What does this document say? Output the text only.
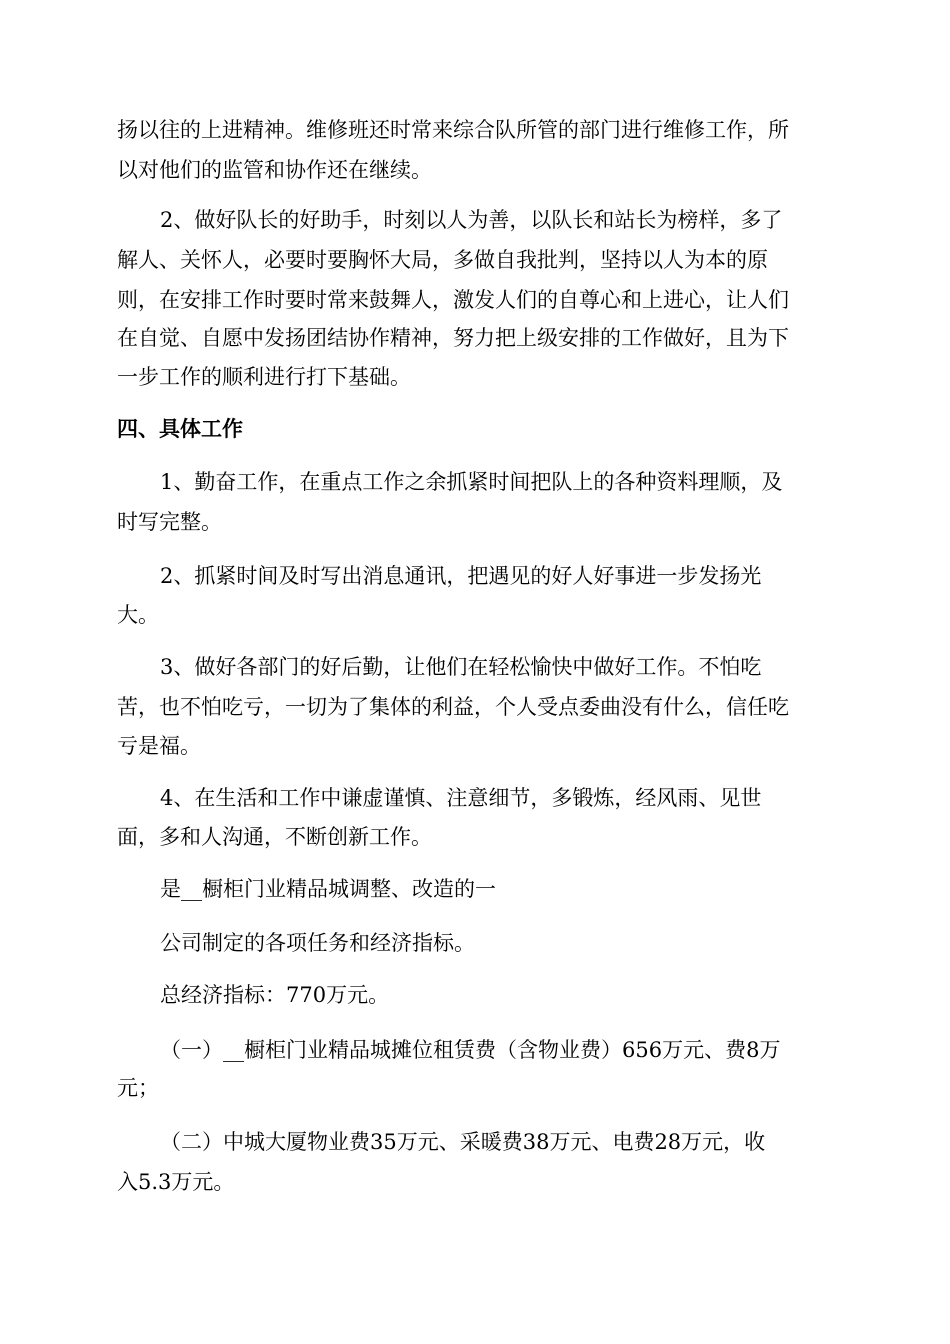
扬以往的上进精神。维修班还时常来综合队所管的部门进行维修工作，所
以对他们的监管和协作还在继续。
2、做好队长的好助手，时刻以人为善，以队长和站长为榜样，多了
解人、关怀人，必要时要胸怀大局，多做自我批判，坚持以人为本的原
则，在安排工作时要时常来鼓舞人，激发人们的自尊心和上进心，让人们
在自觉、自愿中发扬团结协作精神，努力把上级安排的工作做好，且为下
一步工作的顺利进行打下基础。
四、具体工作
1、勤奋工作，在重点工作之余抓紧时间把队上的各种资料理顺，及
时写完整。
2、抓紧时间及时写出消息通讯，把遇见的好人好事进一步发扬光
大。
3、做好各部门的好后勤，让他们在轻松愉快中做好工作。不怕吃
苦，也不怕吃亏，一切为了集体的利益，个人受点委曲没有什么，信任吃
亏是福。
4、在生活和工作中谦虚谨慎、注意细节，多锻炼，经风雨、见世
面，多和人沟通，不断创新工作。
是__橱柜门业精品城调整、改造的一
公司制定的各项任务和经济指标。
总经济指标：770万元。
（一）__橱柜门业精品城摊位租赁费（含物业费）656万元、费8万
元；
（二）中城大厦物业费35万元、采暖费38万元、电费28万元，收
入5.3万元。
